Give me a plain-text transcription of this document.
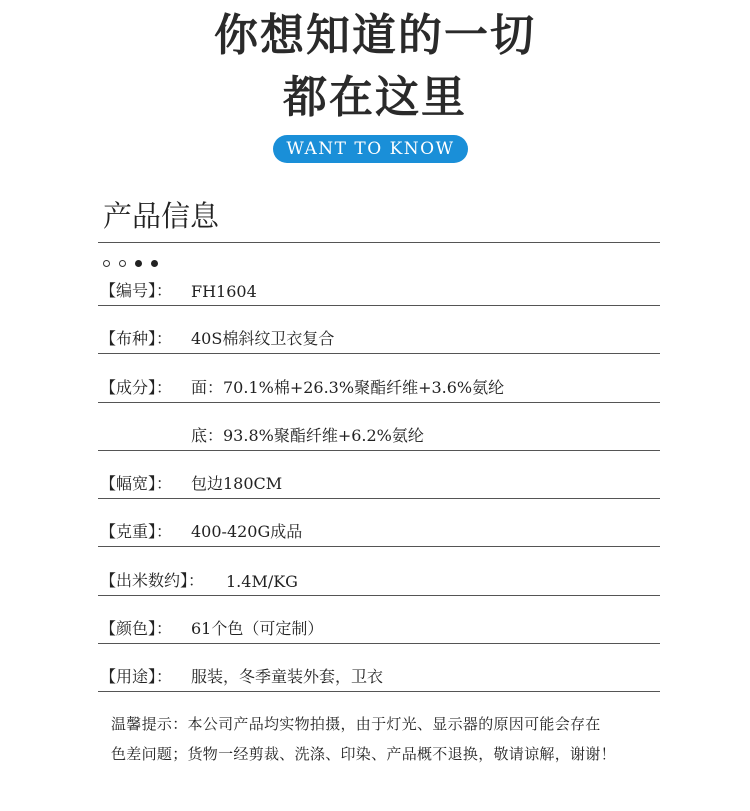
你想知道的一切
都在这里
WANT TO KNOW
产品信息
【编号】： FH1604
【布种】： 40S棉斜纹卫衣复合
【成分】： 面：70.1%棉+26.3%聚酯纤维+3.6%氨纶
底：93.8%聚酯纤维+6.2%氨纶
【幅宽】： 包边180CM
【克重】： 400-420G成品
【出米数约】： 1.4M/KG
【颜色】： 61个色（可定制）
【用途】： 服装，冬季童装外套，卫衣
温馨提示：本公司产品均实物拍摄，由于灯光、显示器的原因可能会存在
色差问题；货物一经剪裁、洗涤、印染、产品概不退换，敬请谅解，谢谢！
